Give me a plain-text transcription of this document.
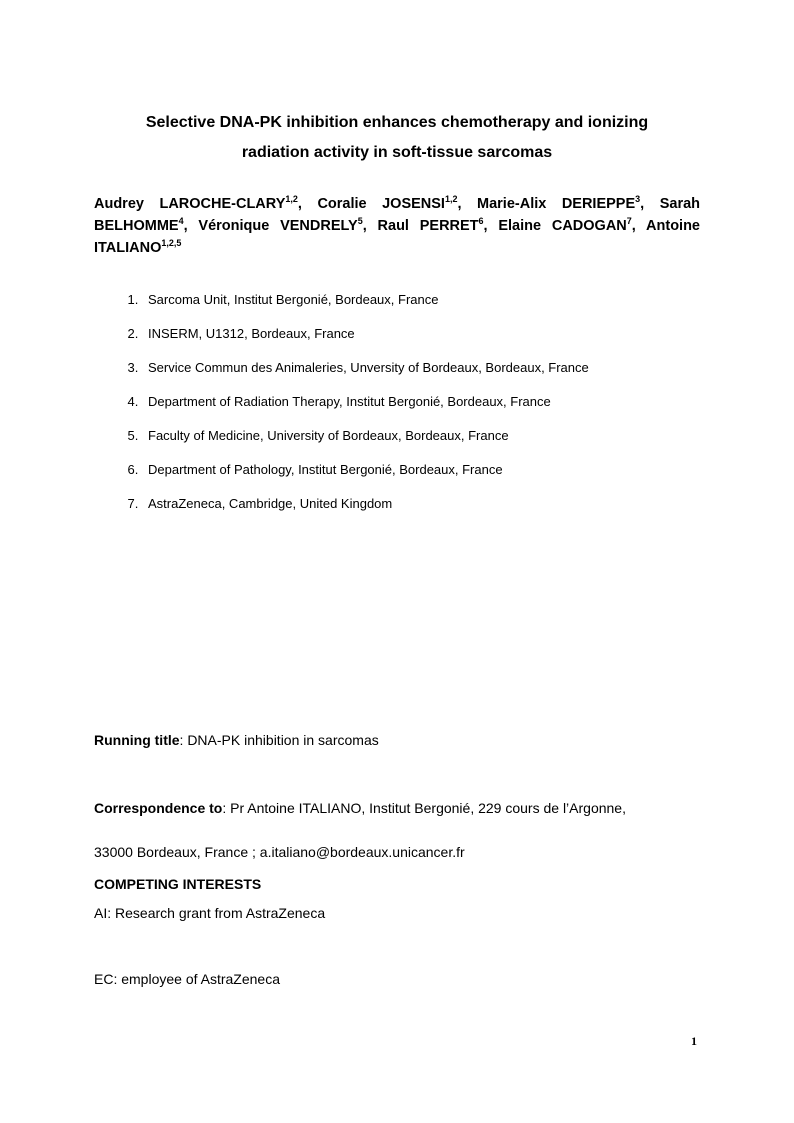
Selective DNA-PK inhibition enhances chemotherapy and ionizing
radiation activity in soft-tissue sarcomas

Audrey LAROCHE-CLARY$^{1,2}$, Coralie JOSENSI$^{1,2}$, Marie-Alix DERIEPPE$^3$, Sarah BELHOMME$^4$, Véronique VENDRELY$^5$, Raul PERRET$^6$, Elaine CADOGAN$^7$, Antoine ITALIANO$^{1,2,5}$

1. Sarcoma Unit, Institut Bergonié, Bordeaux, France
2. INSERM, U1312, Bordeaux, France
3. Service Commun des Animaleries, Unversity of Bordeaux, Bordeaux, France
4. Department of Radiation Therapy, Institut Bergonié, Bordeaux, France
5. Faculty of Medicine, University of Bordeaux, Bordeaux, France
6. Department of Pathology, Institut Bergonié, Bordeaux, France
7. AstraZeneca, Cambridge, United Kingdom
Running title: DNA-PK inhibition in sarcomas
Correspondence to: Pr Antoine ITALIANO, Institut Bergonié, 229 cours de l’Argonne,
33000 Bordeaux, France ; a.italiano@bordeaux.unicancer.fr
COMPETING INTERESTS
AI: Research grant from AstraZeneca
EC: employee of AstraZeneca
1
